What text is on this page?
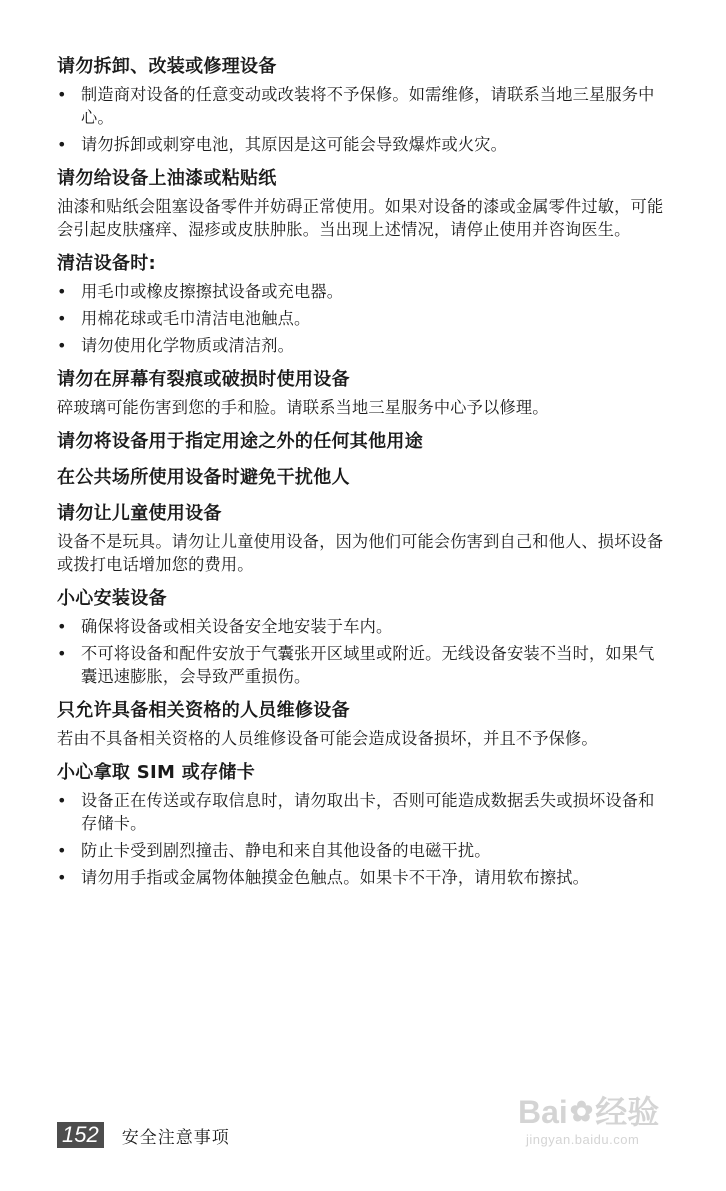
请勿拆卸、改装或修理设备
• 制造商对设备的任意变动或改装将不予保修。如需维修，请联系当地三星服务中心。
• 请勿拆卸或刺穿电池，其原因是这可能会导致爆炸或火灾。
请勿给设备上油漆或粘贴纸

油漆和贴纸会阻塞设备零件并妨碍正常使用。如果对设备的漆或金属零件过敏，可能会引起皮肤瘙痒、湿疹或皮肤肿胀。当出现上述情况，请停止使用并咨询医生。

清洁设备时:
• 用毛巾或橡皮擦擦拭设备或充电器。
• 用棉花球或毛巾清洁电池触点。
• 请勿使用化学物质或清洁剂。
请勿在屏幕有裂痕或破损时使用设备

碎玻璃可能伤害到您的手和脸。请联系当地三星服务中心予以修理。

请勿将设备用于指定用途之外的任何其他用途
在公共场所使用设备时避免干扰他人
请勿让儿童使用设备

设备不是玩具。请勿让儿童使用设备，因为他们可能会伤害到自己和他人、损坏设备或拨打电话增加您的费用。

小心安装设备
• 确保将设备或相关设备安全地安装于车内。
• 不可将设备和配件安放于气囊张开区域里或附近。无线设备安装不当时，如果气囊迅速膨胀，会导致严重损伤。
只允许具备相关资格的人员维修设备

若由不具备相关资格的人员维修设备可能会造成设备损坏，并且不予保修。

小心拿取 SIM 或存储卡
• 设备正在传送或存取信息时，请勿取出卡，否则可能造成数据丢失或损坏设备和存储卡。
• 防止卡受到剧烈撞击、静电和来自其他设备的电磁干扰。
• 请勿用手指或金属物体触摸金色触点。如果卡不干净，请用软布擦拭。
152 安全注意事项
Bai ✿ 经验
jingyan.baidu.com
